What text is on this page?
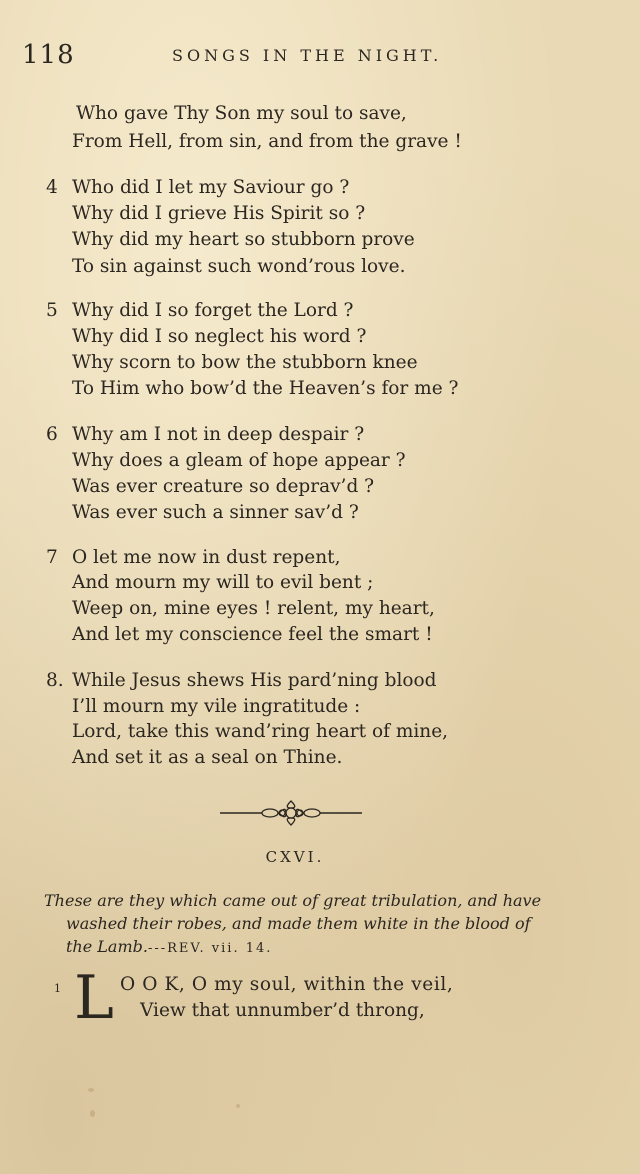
118	SONGS IN THE NIGHT.
Who gave Thy Son my soul to save,
From Hell, from sin, and from the grave !
4 Who did I let my Saviour go ?
Why did I grieve His Spirit so ?
Why did my heart so stubborn prove
To sin against such wond’rous love.
5 Why did I so forget the Lord ?
Why did I so neglect his word ?
Why scorn to bow the stubborn knee
To Him who bow’d the Heaven’s for me ?
6 Why am I not in deep despair ?
Why does a gleam of hope appear ?
Was ever creature so deprav’d ?
Was ever such a sinner sav’d ?
7 O let me now in dust repent,
And mourn my will to evil bent ;
Weep on, mine eyes ! relent, my heart,
And let my conscience feel the smart !
8. While Jesus shews His pard’ning blood
I’ll mourn my vile ingratitude :
Lord, take this wand’ring heart of mine,
And set it as a seal on Thine.
CXVI.
These are they which came out of great tribulation, and have
washed their robes, and made them white in the blood of
the Lamb.---REV. vii. 14.
1 L O O K, O my soul, within the veil,
View that unnumber’d throng,
